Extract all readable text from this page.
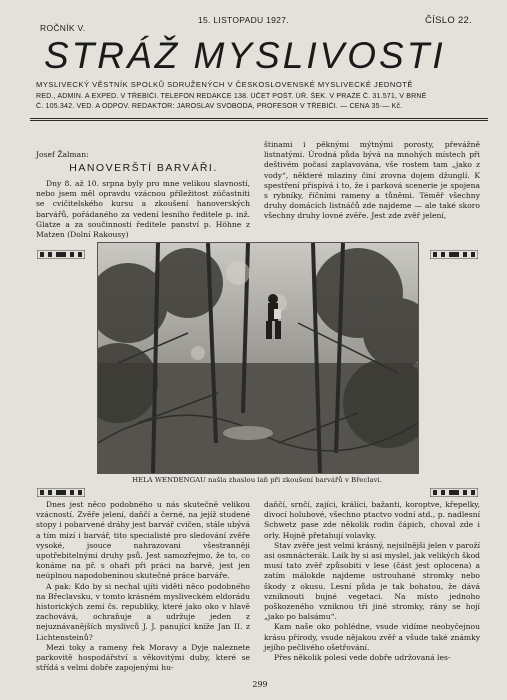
15. LISTOPADU 1927.
ROČNÍK V.
ČÍSLO 22.
STRÁŽ MYSLIVOSTI
MYSLIVECKÝ VĚSTNÍK SPOLKŮ SDRUŽENÝCH V ČESKOSLOVENSKÉ MYSLIVECKÉ JEDNOTĚ
RED., ADMIN. A EXPED. V TŘEBÍČI. TELEFON REDAKCE 138. ÚČET POŠT. ÚŘ. ŠEK. V PRAZE Č. 31.571, V BRNĚ
Č. 105.342. VED. A ODPOV. REDAKTOR: JAROSLAV SVOBODA, PROFESOR V TŘEBÍČI. — CENA 35·— Kč.
Josef Žalman:
HANOVERŠTÍ BARVÁŘI.

Dny 8. až 10. srpna byly pro mne velikou slavností, nebo jsem měl opravdu vzácnou příležitost zúčastniti se cvičitelského kursu a zkoušení hanoverských barvářů, pořádaného za vedení lesního ředitele p. inž. Glatze a za součinnosti ředitele panství p. Höhne z Matzen (Dolní Rakousy)

štinami i pěknými mýtnými porosty, převážně listnatými. Úrodná půda bývá na mnohých místech při deštivém počasí zaplavována, vše rostem tam „jako z vody“, některé mlaziny činí zrovna dojem džunglí. K spestření přispívá i to, že i parková scenerie je spojena s rybníky, říčními rameny a tůněmi. Téměř všechny druhy domácích listnáčů zde najdeme — ale také skoro všechny druhy lovné zvěře. Jest zde zvěř jelení,

HELA WENDENGAU našla zhaslou laň při zkoušení barvářů v Břeclavi.

Dnes jest něco podobného u nás skutečně velikou vzácností. Zvěře jelení, daňčí a černé, na jejíž studené stopy i pobarvené dráhy jest barvář cvičen, stále ubývá a tím mizí i barvář, tito specialisté pro sledování zvěře vysoké, jsouce nahrazovani všestranněji upotřebitelnými druhy psů. Jest samozřejmo, že to, co konáme na př. s ohaři při práci na barvě, jest jen neúplnou napodobeninou skutečné práce barváře.

A pak: Kdo by si nechal ujíti viděti něco podobného na Břeclavsku, v tomto krásném mysliveckém eldorádu historických zemí čs. republiky, které jako oko v hlavě zachovává, ochraňuje a udržuje jeden z nejuznávanějších myslivců J. J. panující kníže Jan II. z Lichtensteinů?

Mezi toky a rameny řek Moravy a Dyje naleznete parkovitě hospodářství s věkovitými duby, které se střídá s velmi dobře zapojenými hu-

daňčí, srnčí, zajíci, králíci, bažanti, koroptve, křepelky, divocí holubové, všechno ptactvo vodní atd., p. nadlesní Schwetz pase zde několik rodin čápich, choval zde i orly. Hojně přetahují volavky.

Stav zvěře jest velmi krásný, nejsilnějši jelen v paroží asi osmnácterák. Laik by si asi myslel, jak velikých škod musí tato zvěř způsobiti v lese (část jest oplocena) a zatím málokde najdeme ostrouhané stromky nebo škody z okusu. Lesní půda je tak bohatou, že dává vzniknouti bujné vegetaci. Na místo jednoho poškozeného vzniknou tři jiné stromky, rány se hojí „jako po balsámu“.

Kam naše oko pohlédne, vsude vidíme neobyčejnou krásu přírody, vsude nějakou zvěř a všude také známky jejího pečlivého ošetřování.

Přes několik polesí vede dobře udržovaná les-

299
